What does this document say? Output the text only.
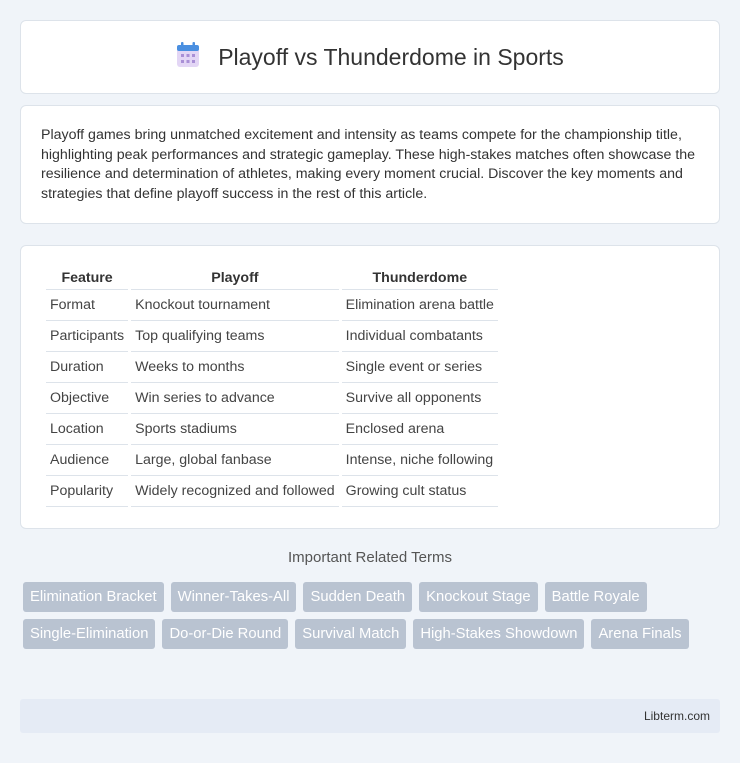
Playoff vs Thunderdome in Sports

Playoff games bring unmatched excitement and intensity as teams compete for the championship title, highlighting peak performances and strategic gameplay. These high-stakes matches often showcase the resilience and determination of athletes, making every moment crucial. Discover the key moments and strategies that define playoff success in the rest of this article.

Feature	Playoff	Thunderdome
Format	Knockout tournament	Elimination arena battle
Participants	Top qualifying teams	Individual combatants
Duration	Weeks to months	Single event or series
Objective	Win series to advance	Survive all opponents
Location	Sports stadiums	Enclosed arena
Audience	Large, global fanbase	Intense, niche following
Popularity	Widely recognized and followed	Growing cult status
Important Related Terms
Elimination Bracket	Winner-Takes-All	Sudden Death	Knockout Stage	Battle Royale
Single-Elimination	Do-or-Die Round	Survival Match	High-Stakes Showdown	Arena Finals
Libterm.com
